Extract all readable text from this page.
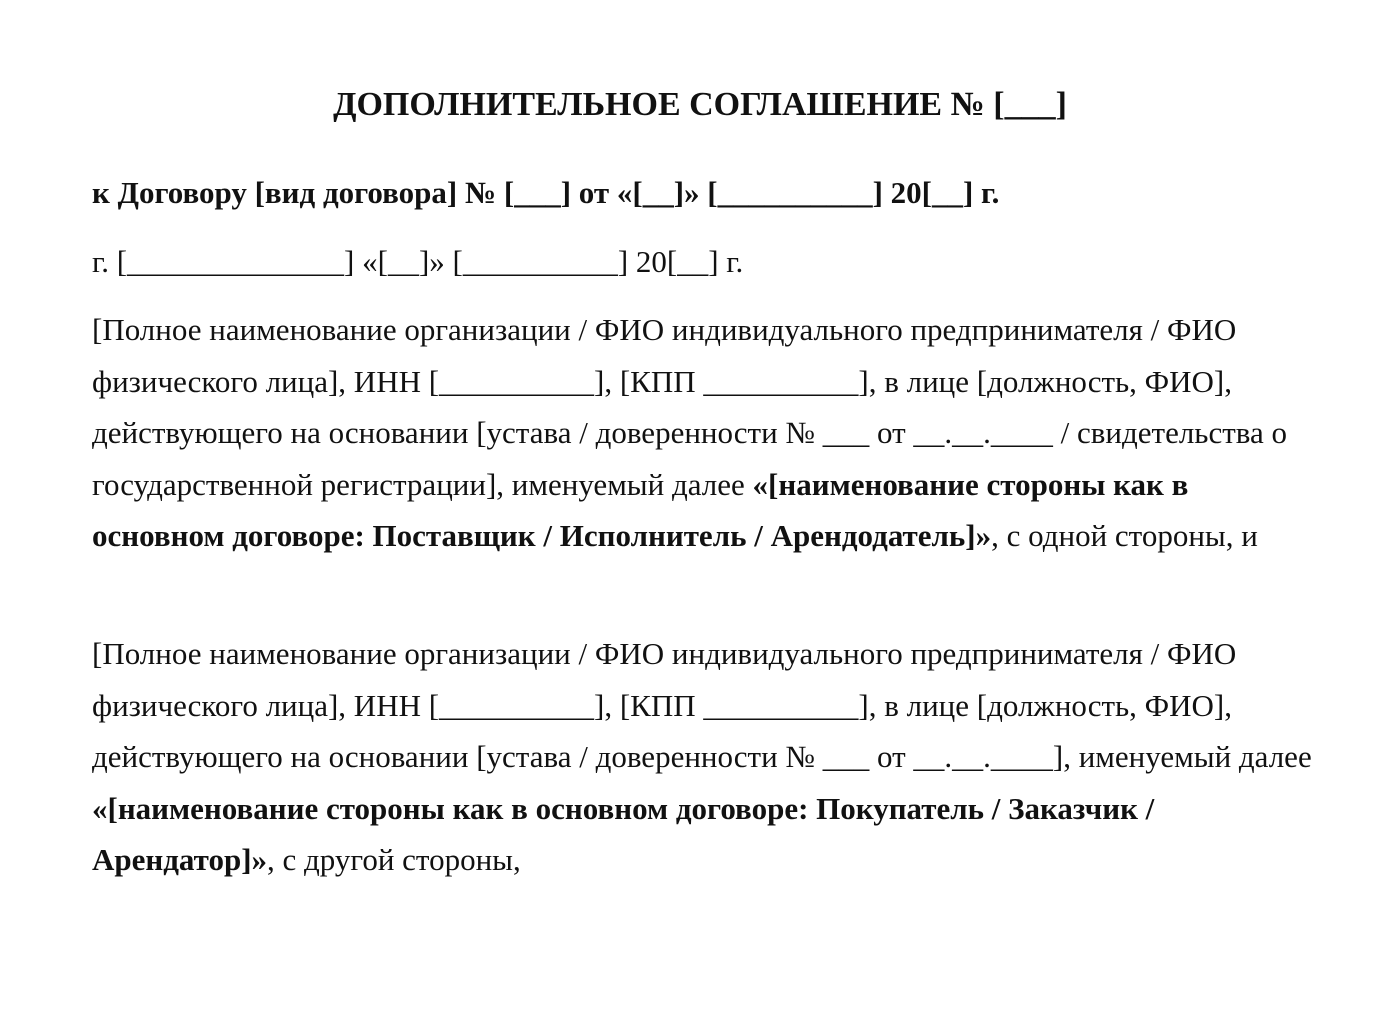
ДОПОЛНИТЕЛЬНОЕ СОГЛАШЕНИЕ № [___]

к Договору [вид договора] № [___] от «[__]» [__________] 20[__] г.

г. [______________] «[__]» [__________] 20[__] г.

[Полное наименование организации / ФИО индивидуального предпринимателя / ФИО физического лица], ИНН [__________], [КПП __________], в лице [должность, ФИО], действующего на основании [устава / доверенности № ___ от __.__.____ / свидетельства о государственной регистрации], именуемый далее «[наименование стороны как в основном договоре: Поставщик / Исполнитель / Арендодатель]», с одной стороны, и

[Полное наименование организации / ФИО индивидуального предпринимателя / ФИО физического лица], ИНН [__________], [КПП __________], в лице [должность, ФИО], действующего на основании [устава / доверенности № ___ от __.__.____], именуемый далее «[наименование стороны как в основном договоре: Покупатель / Заказчик / Арендатор]», с другой стороны,
